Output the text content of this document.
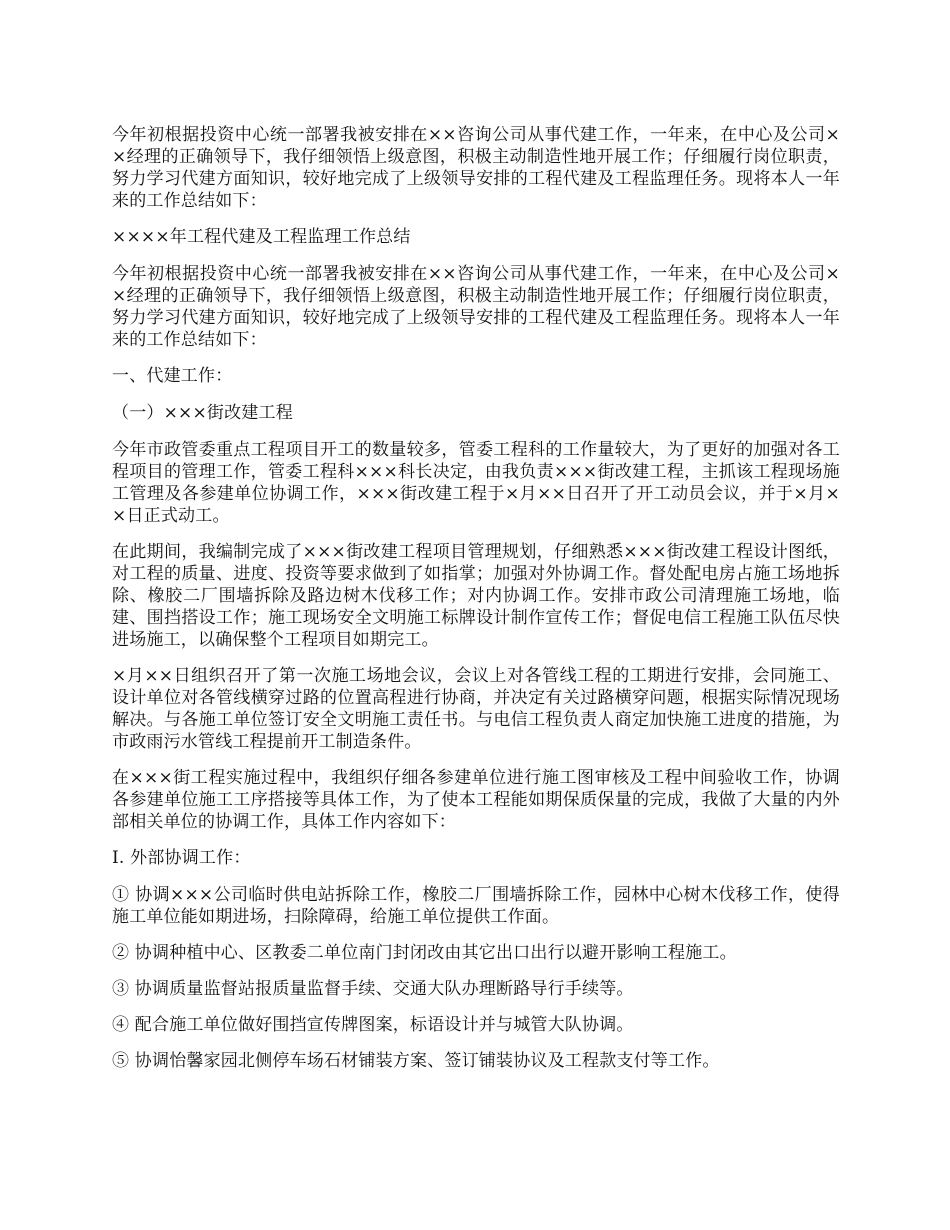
今年初根据投资中心统一部署我被安排在××咨询公司从事代建工作，一年来，在中心及公司××经理的正确领导下，我仔细领悟上级意图，积极主动制造性地开展工作；仔细履行岗位职责，努力学习代建方面知识，较好地完成了上级领导安排的工程代建及工程监理任务。现将本人一年来的工作总结如下：

××××年工程代建及工程监理工作总结

今年初根据投资中心统一部署我被安排在××咨询公司从事代建工作，一年来，在中心及公司××经理的正确领导下，我仔细领悟上级意图，积极主动制造性地开展工作；仔细履行岗位职责，努力学习代建方面知识，较好地完成了上级领导安排的工程代建及工程监理任务。现将本人一年来的工作总结如下：

一、代建工作：

（一）×××街改建工程

今年市政管委重点工程项目开工的数量较多，管委工程科的工作量较大，为了更好的加强对各工程项目的管理工作，管委工程科×××科长决定，由我负责×××街改建工程，主抓该工程现场施工管理及各参建单位协调工作，×××街改建工程于×月××日召开了开工动员会议，并于×月××日正式动工。

在此期间，我编制完成了×××街改建工程项目管理规划，仔细熟悉×××街改建工程设计图纸，对工程的质量、进度、投资等要求做到了如指掌；加强对外协调工作。督处配电房占施工场地拆除、橡胶二厂围墙拆除及路边树木伐移工作；对内协调工作。安排市政公司清理施工场地，临建、围挡搭设工作；施工现场安全文明施工标牌设计制作宣传工作；督促电信工程施工队伍尽快进场施工，以确保整个工程项目如期完工。

×月××日组织召开了第一次施工场地会议，会议上对各管线工程的工期进行安排，会同施工、设计单位对各管线横穿过路的位置高程进行协商，并决定有关过路横穿问题，根据实际情况现场解决。与各施工单位签订安全文明施工责任书。与电信工程负责人商定加快施工进度的措施，为市政雨污水管线工程提前开工制造条件。

在×××街工程实施过程中，我组织仔细各参建单位进行施工图审核及工程中间验收工作，协调各参建单位施工工序搭接等具体工作，为了使本工程能如期保质保量的完成，我做了大量的内外部相关单位的协调工作，具体工作内容如下：

I. 外部协调工作：

① 协调×××公司临时供电站拆除工作，橡胶二厂围墙拆除工作，园林中心树木伐移工作，使得施工单位能如期进场，扫除障碍，给施工单位提供工作面。

② 协调种植中心、区教委二单位南门封闭改由其它出口出行以避开影响工程施工。

③ 协调质量监督站报质量监督手续、交通大队办理断路导行手续等。

④ 配合施工单位做好围挡宣传牌图案，标语设计并与城管大队协调。

⑤ 协调怡馨家园北侧停车场石材铺装方案、签订铺装协议及工程款支付等工作。
